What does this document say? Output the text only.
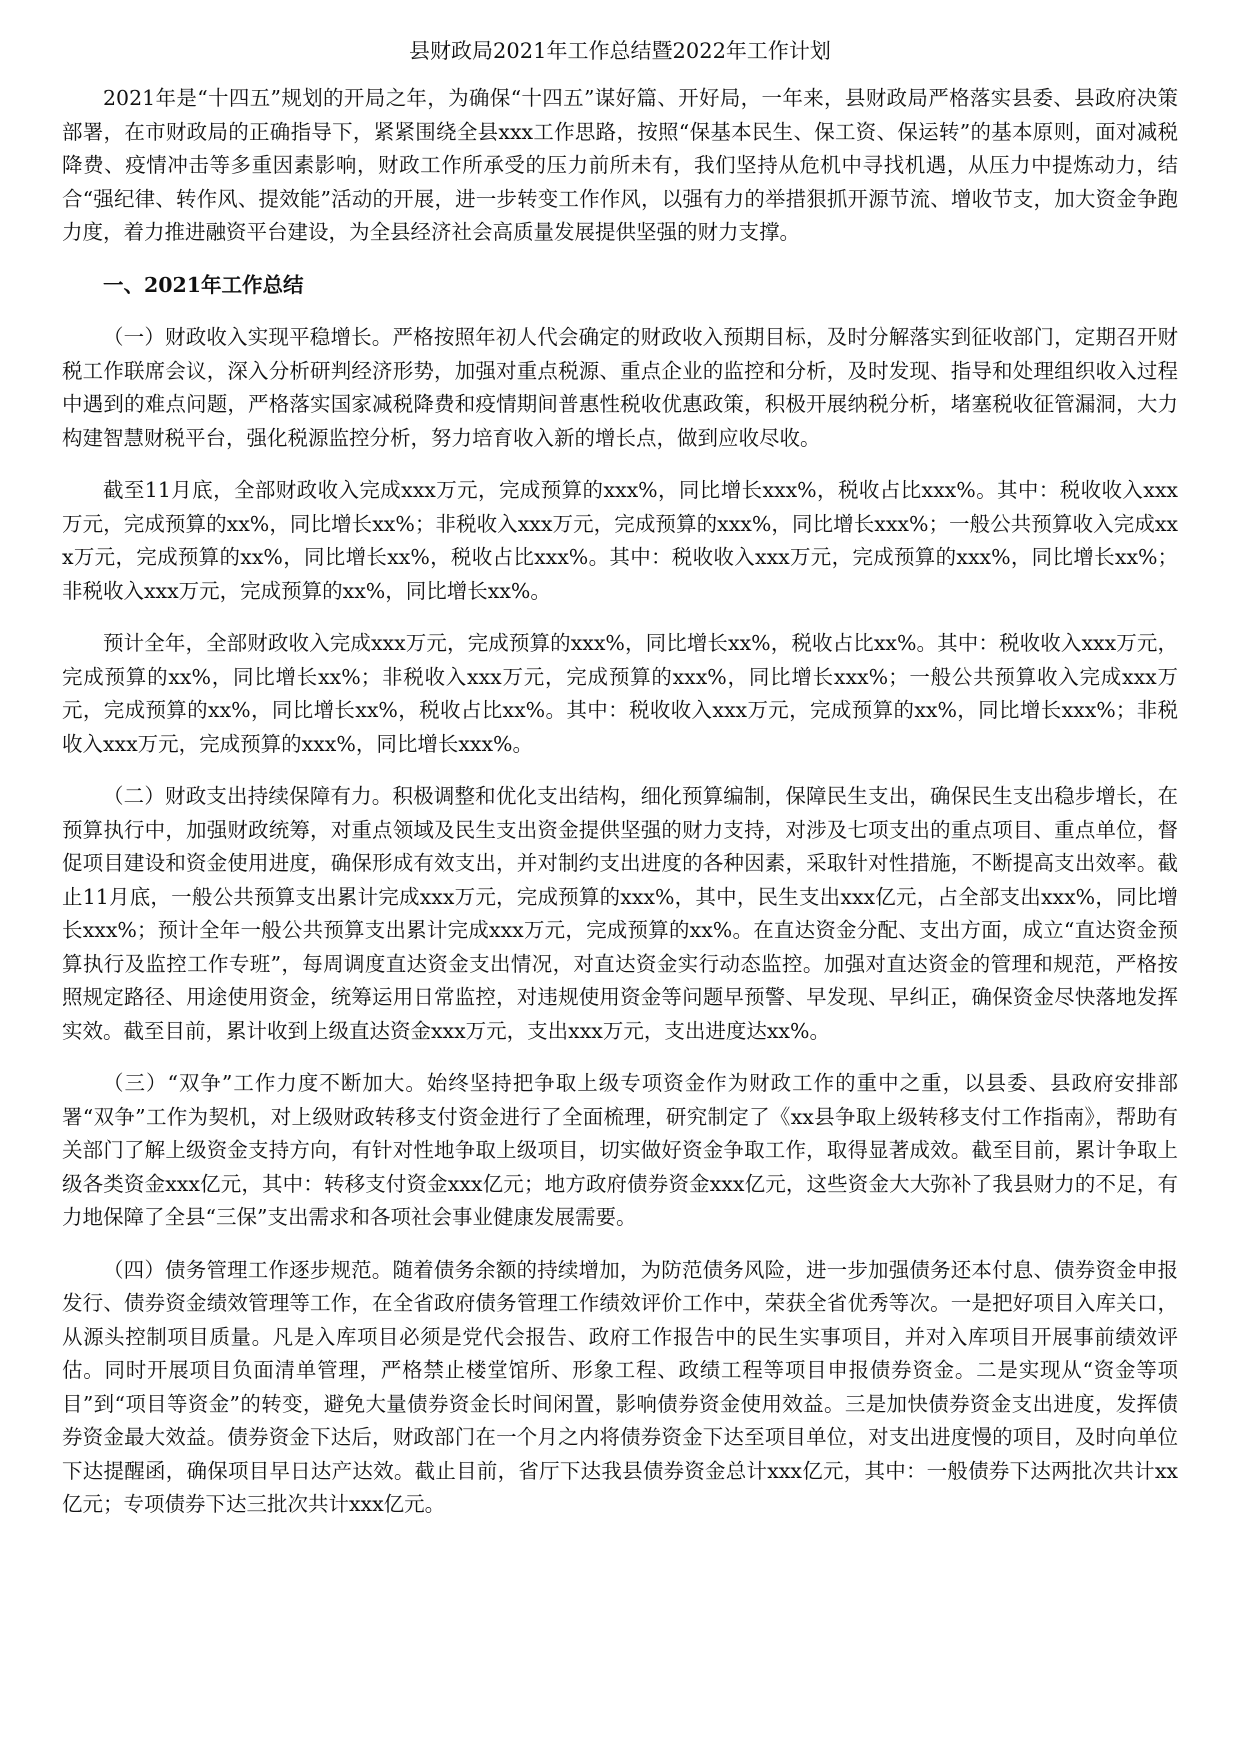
县财政局2021年工作总结暨2022年工作计划

2021年是“十四五”规划的开局之年，为确保“十四五”谋好篇、开好局，一年来，县财政局严格落实县委、县政府决策部署，在市财政局的正确指导下，紧紧围绕全县xxx工作思路，按照“保基本民生、保工资、保运转”的基本原则，面对减税降费、疫情冲击等多重因素影响，财政工作所承受的压力前所未有，我们坚持从危机中寻找机遇，从压力中提炼动力，结合“强纪律、转作风、提效能”活动的开展，进一步转变工作作风，以强有力的举措狠抓开源节流、增收节支，加大资金争跑力度，着力推进融资平台建设，为全县经济社会高质量发展提供坚强的财力支撑。

一、2021年工作总结

（一）财政收入实现平稳增长。严格按照年初人代会确定的财政收入预期目标，及时分解落实到征收部门，定期召开财税工作联席会议，深入分析研判经济形势，加强对重点税源、重点企业的监控和分析，及时发现、指导和处理组织收入过程中遇到的难点问题，严格落实国家减税降费和疫情期间普惠性税收优惠政策，积极开展纳税分析，堵塞税收征管漏洞，大力构建智慧财税平台，强化税源监控分析，努力培育收入新的增长点，做到应收尽收。

截至11月底，全部财政收入完成xxx万元，完成预算的xxx%，同比增长xxx%，税收占比xxx%。其中：税收收入xxx万元，完成预算的xx%，同比增长xx%；非税收入xxx万元，完成预算的xxx%，同比增长xxx%；一般公共预算收入完成xxx万元，完成预算的xx%，同比增长xx%，税收占比xxx%。其中：税收收入xxx万元，完成预算的xxx%，同比增长xx%；非税收入xxx万元，完成预算的xx%，同比增长xx%。

预计全年，全部财政收入完成xxx万元，完成预算的xxx%，同比增长xx%，税收占比xx%。其中：税收收入xxx万元，完成预算的xx%，同比增长xx%；非税收入xxx万元，完成预算的xxx%，同比增长xxx%；一般公共预算收入完成xxx万元，完成预算的xx%，同比增长xx%，税收占比xx%。其中：税收收入xxx万元，完成预算的xx%，同比增长xxx%；非税收入xxx万元，完成预算的xxx%，同比增长xxx%。

（二）财政支出持续保障有力。积极调整和优化支出结构，细化预算编制，保障民生支出，确保民生支出稳步增长，在预算执行中，加强财政统筹，对重点领域及民生支出资金提供坚强的财力支持，对涉及七项支出的重点项目、重点单位，督促项目建设和资金使用进度，确保形成有效支出，并对制约支出进度的各种因素，采取针对性措施，不断提高支出效率。截止11月底，一般公共预算支出累计完成xxx万元，完成预算的xxx%，其中，民生支出xxx亿元，占全部支出xxx%，同比增长xxx%；预计全年一般公共预算支出累计完成xxx万元，完成预算的xx%。在直达资金分配、支出方面，成立“直达资金预算执行及监控工作专班”，每周调度直达资金支出情况，对直达资金实行动态监控。加强对直达资金的管理和规范，严格按照规定路径、用途使用资金，统筹运用日常监控，对违规使用资金等问题早预警、早发现、早纠正，确保资金尽快落地发挥实效。截至目前，累计收到上级直达资金xxx万元，支出xxx万元，支出进度达xx%。

（三）“双争”工作力度不断加大。始终坚持把争取上级专项资金作为财政工作的重中之重，以县委、县政府安排部署“双争”工作为契机，对上级财政转移支付资金进行了全面梳理，研究制定了《xx县争取上级转移支付工作指南》，帮助有关部门了解上级资金支持方向，有针对性地争取上级项目，切实做好资金争取工作，取得显著成效。截至目前，累计争取上级各类资金xxx亿元，其中：转移支付资金xxx亿元；地方政府债券资金xxx亿元，这些资金大大弥补了我县财力的不足，有力地保障了全县“三保”支出需求和各项社会事业健康发展需要。

（四）债务管理工作逐步规范。随着债务余额的持续增加，为防范债务风险，进一步加强债务还本付息、债券资金申报发行、债券资金绩效管理等工作，在全省政府债务管理工作绩效评价工作中，荣获全省优秀等次。一是把好项目入库关口，从源头控制项目质量。凡是入库项目必须是党代会报告、政府工作报告中的民生实事项目，并对入库项目开展事前绩效评估。同时开展项目负面清单管理，严格禁止楼堂馆所、形象工程、政绩工程等项目申报债券资金。二是实现从“资金等项目”到“项目等资金”的转变，避免大量债券资金长时间闲置，影响债券资金使用效益。三是加快债券资金支出进度，发挥债券资金最大效益。债券资金下达后，财政部门在一个月之内将债券资金下达至项目单位，对支出进度慢的项目，及时向单位下达提醒函，确保项目早日达产达效。截止目前，省厅下达我县债券资金总计xxx亿元，其中：一般债券下达两批次共计xx亿元；专项债券下达三批次共计xxx亿元。
